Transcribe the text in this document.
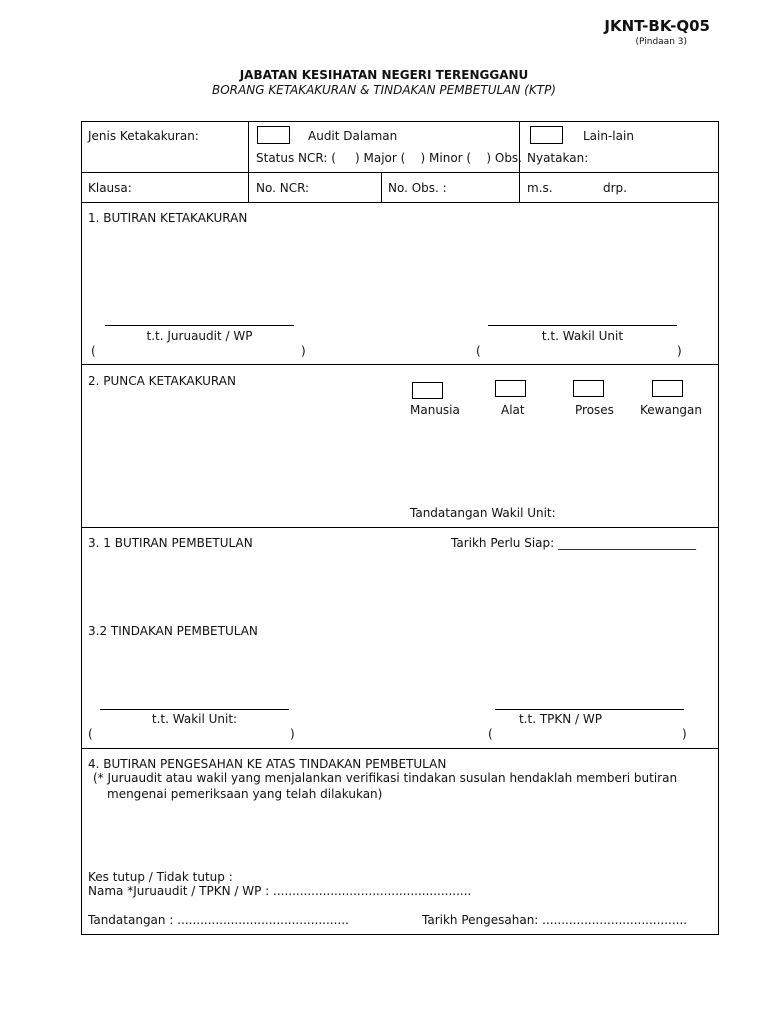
JKNT-BK-Q05
(Pindaan 3)
JABATAN KESIHATAN NEGERI TERENGGANU
BORANG KETAKAKURAN & TINDAKAN PEMBETULAN (KTP)
Jenis Ketakakuran:	Audit Dalaman
Status NCR: (     ) Major (    ) Minor (    ) Obs.
Lain-lain
Nyatakan:
Klausa:	No. NCR:	No. Obs. :	m.s.	drp.
1. BUTIRAN KETAKAKURAN
t.t. Juruaudit / WP	t.t. Wakil Unit
(	)	(	)
2. PUNCA KETAKAKURAN
Manusia	Alat	Proses Kewangan
Tandatangan Wakil Unit:
3. 1 BUTIRAN PEMBETULAN	Tarikh Perlu Siap: _______________________
3.2 TINDAKAN PEMBETULAN
t.t. Wakil Unit:	t.t. TPKN / WP
(	)	(	)
4. BUTIRAN PENGESAHAN KE ATAS TINDAKAN PEMBETULAN
(* Juruaudit atau wakil yang menjalankan verifikasi tindakan susulan hendaklah memberi butiran
mengenai pemeriksaan yang telah dilakukan)
Kes tutup / Tidak tutup :
Nama *Juruaudit / TPKN / WP : ....................................................
Tandatangan : .............................................	Tarikh Pengesahan: ......................................
